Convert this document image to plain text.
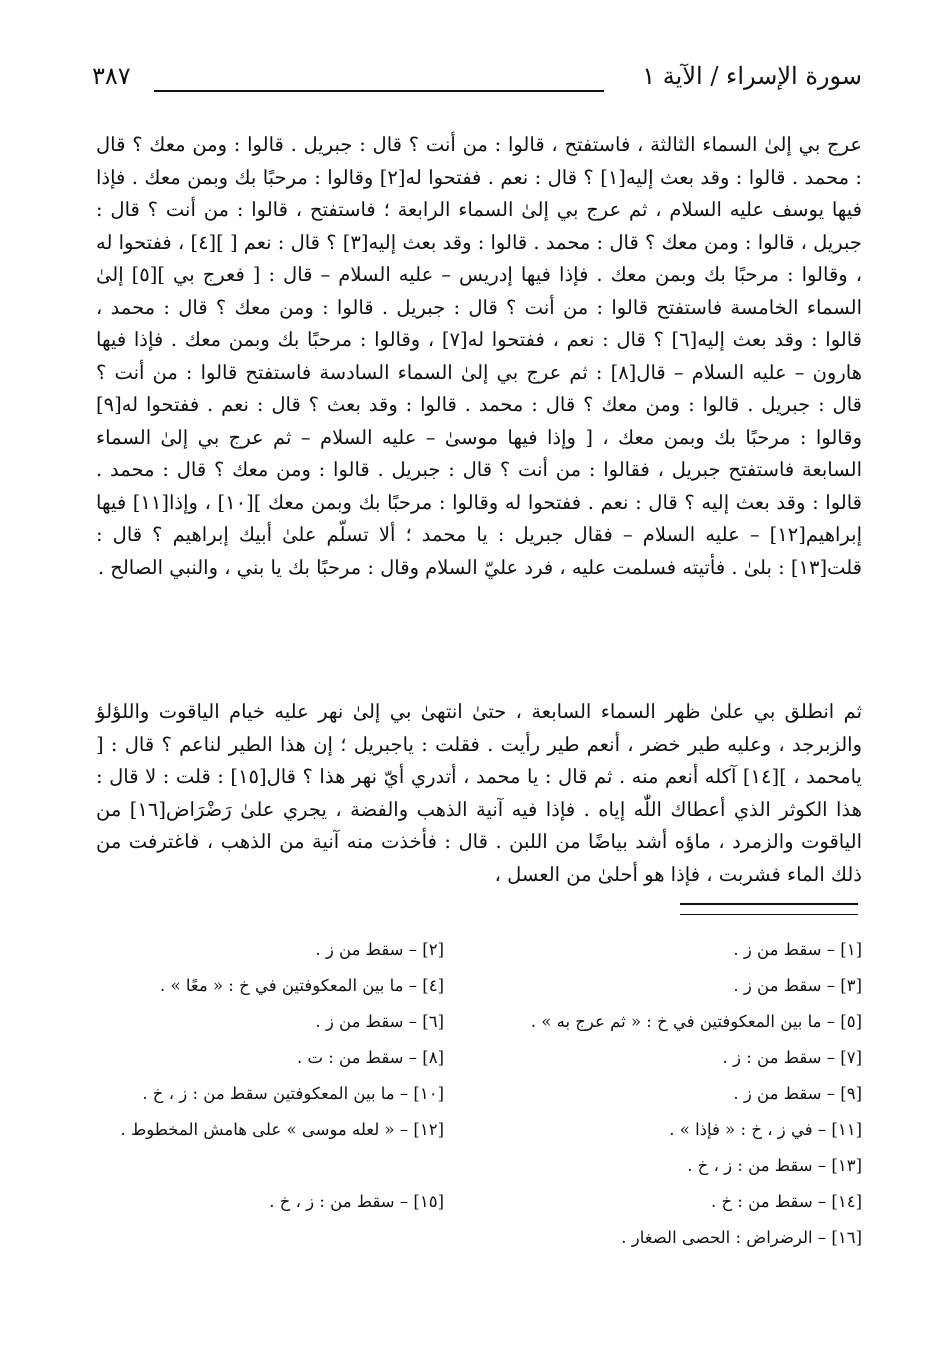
سورة الإسراء / الآية ١
٣٨٧
عرج بي إلىٰ السماء الثالثة ، فاستفتح ، قالوا : من أنت ؟ قال : جبريل . قالوا : ومن معك ؟ قال : محمد . قالوا : وقد بعث إليه[١] ؟ قال : نعم . ففتحوا له[٢] وقالوا : مرحبًا بك وبمن معك . فإذا فيها يوسف عليه السلام ، ثم عرج بي إلىٰ السماء الرابعة ؛ فاستفتح ، قالوا : من أنت ؟ قال : جبريل ، قالوا : ومن معك ؟ قال : محمد . قالوا : وقد بعث إليه[٣] ؟ قال : نعم [ ][٤] ، ففتحوا له ، وقالوا : مرحبًا بك وبمن معك . فإذا فيها إدريس – عليه السلام – قال : [ فعرج بي ][٥] إلىٰ السماء الخامسة فاستفتح قالوا : من أنت ؟ قال : جبريل . قالوا : ومن معك ؟ قال : محمد ، قالوا : وقد بعث إليه[٦] ؟ قال : نعم ، ففتحوا له[٧] ، وقالوا : مرحبًا بك وبمن معك . فإذا فيها هارون – عليه السلام – قال[٨] : ثم عرج بي إلىٰ السماء السادسة فاستفتح قالوا : من أنت ؟ قال : جبريل . قالوا : ومن معك ؟ قال : محمد . قالوا : وقد بعث ؟ قال : نعم . ففتحوا له[٩] وقالوا : مرحبًا بك وبمن معك ، [ وإذا فيها موسىٰ – عليه السلام – ثم عرج بي إلىٰ السماء السابعة فاستفتح جبريل ، فقالوا : من أنت ؟ قال : جبريل . قالوا : ومن معك ؟ قال : محمد . قالوا : وقد بعث إليه ؟ قال : نعم . ففتحوا له وقالوا : مرحبًا بك وبمن معك ][١٠] ، وإذا[١١] فيها إبراهيم[١٢] – عليه السلام – فقال جبريل : يا محمد ؛ ألا تسلّم علىٰ أبيك إبراهيم ؟ قال : قلت[١٣] : بلىٰ . فأتيته فسلمت عليه ، فرد عليّ السلام وقال : مرحبًا بك يا بني ، والنبي الصالح .
ثم انطلق بي علىٰ ظهر السماء السابعة ، حتىٰ انتهىٰ بي إلىٰ نهر عليه خيام الياقوت واللؤلؤ والزبرجد ، وعليه طير خضر ، أنعم طير رأيت . فقلت : ياجبريل ؛ إن هذا الطير لناعم ؟ قال : [ يامحمد ، ][١٤] آكله أنعم منه . ثم قال : يا محمد ، أتدري أيّ نهر هذا ؟ قال[١٥] : قلت : لا قال : هذا الكوثر الذي أعطاك اللّٰه إياه . فإذا فيه آنية الذهب والفضة ، يجري علىٰ رَضْرَاض[١٦] من الياقوت والزمرد ، ماؤه أشد بياضًا من اللبن . قال : فأخذت منه آنية من الذهب ، فاغترفت من ذلك الماء فشربت ، فإذا هو أحلىٰ من العسل ،
[١] – سقط من ز .
[٢] – سقط من ز .
[٣] – سقط من ز .
[٤] – ما بين المعكوفتين في خ : « معًا » .
[٥] – ما بين المعكوفتين في خ : « ثم عرج به » .
[٦] – سقط من ز .
[٧] – سقط من : ز .
[٨] – سقط من : ت .
[٩] – سقط من ز .
[١٠] – ما بين المعكوفتين سقط من : ز ، خ .
[١١] – في ز ، خ : « فإذا » .
[١٢] – « لعله موسى » على هامش المخطوط .
[١٣] – سقط من : ز ، خ .
[١٤] – سقط من : خ .
[١٥] – سقط من : ز ، خ .
[١٦] – الرضراض : الحصى الصغار .
